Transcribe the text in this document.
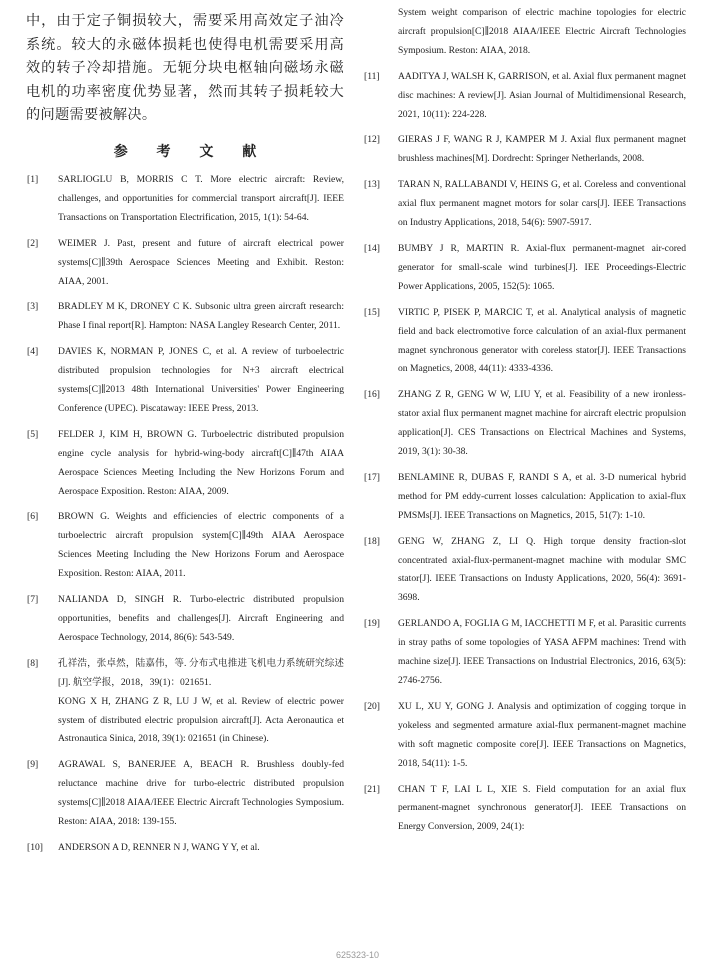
中，由于定子铜损较大，需要采用高效定子油冷系统。较大的永磁体损耗也使得电机需要采用高效的转子冷却措施。无轭分块电枢轴向磁场永磁电机的功率密度优势显著，然而其转子损耗较大的问题需要被解决。

参 考 文 献
[1]	SARLIOGLU B, MORRIS C T. More electric aircraft: Review, challenges, and opportunities for commercial transport aircraft[J]. IEEE Transactions on Transportation Electrification, 2015, 1(1): 54-64.
[2]	WEIMER J. Past, present and future of aircraft electrical power systems[C]∥39th Aerospace Sciences Meeting and Exhibit. Reston: AIAA, 2001.
[3]	BRADLEY M K, DRONEY C K. Subsonic ultra green aircraft research: Phase I final report[R]. Hampton: NASA Langley Research Center, 2011.
[4]	DAVIES K, NORMAN P, JONES C, et al. A review of turboelectric distributed propulsion technologies for N+3 aircraft electrical systems[C]∥2013 48th International Universities' Power Engineering Conference (UPEC). Piscataway: IEEE Press, 2013.
[5]	FELDER J, KIM H, BROWN G. Turboelectric distributed propulsion engine cycle analysis for hybrid-wing-body aircraft[C]∥47th AIAA Aerospace Sciences Meeting Including the New Horizons Forum and Aerospace Exposition. Reston: AIAA, 2009.
[6]	BROWN G. Weights and efficiencies of electric components of a turboelectric aircraft propulsion system[C]∥49th AIAA Aerospace Sciences Meeting Including the New Horizons Forum and Aerospace Exposition. Reston: AIAA, 2011.
[7]	NALIANDA D, SINGH R. Turbo-electric distributed propulsion opportunities, benefits and challenges[J]. Aircraft Engineering and Aerospace Technology, 2014, 86(6): 543-549.
[8]	孔祥浩，张卓然，陆嘉伟，等. 分布式电推进飞机电力系统研究综述[J]. 航空学报，2018，39(1)：021651.
KONG X H, ZHANG Z R, LU J W, et al. Review of electric power system of distributed electric propulsion aircraft[J]. Acta Aeronautica et Astronautica Sinica, 2018, 39(1): 021651 (in Chinese).
[9]	AGRAWAL S, BANERJEE A, BEACH R. Brushless doubly-fed reluctance machine drive for turbo-electric distributed propulsion systems[C]∥2018 AIAA/IEEE Electric Aircraft Technologies Symposium. Reston: AIAA, 2018: 139-155.
[10]	ANDERSON A D, RENNER N J, WANG Y Y, et al.
System weight comparison of electric machine topologies for electric aircraft propulsion[C]∥2018 AIAA/IEEE Electric Aircraft Technologies Symposium. Reston: AIAA, 2018.
[11]	AADITYA J, WALSH K, GARRISON, et al. Axial flux permanent magnet disc machines: A review[J]. Asian Journal of Multidimensional Research, 2021, 10(11): 224-228.
[12]	GIERAS J F, WANG R J, KAMPER M J. Axial flux permanent magnet brushless machines[M]. Dordrecht: Springer Netherlands, 2008.
[13]	TARAN N, RALLABANDI V, HEINS G, et al. Coreless and conventional axial flux permanent magnet motors for solar cars[J]. IEEE Transactions on Industry Applications, 2018, 54(6): 5907-5917.
[14]	BUMBY J R, MARTIN R. Axial-flux permanent-magnet air-cored generator for small-scale wind turbines[J]. IEE Proceedings-Electric Power Applications, 2005, 152(5): 1065.
[15]	VIRTIC P, PISEK P, MARCIC T, et al. Analytical analysis of magnetic field and back electromotive force calculation of an axial-flux permanent magnet synchronous generator with coreless stator[J]. IEEE Transactions on Magnetics, 2008, 44(11): 4333-4336.
[16]	ZHANG Z R, GENG W W, LIU Y, et al. Feasibility of a new ironless-stator axial flux permanent magnet machine for aircraft electric propulsion application[J]. CES Transactions on Electrical Machines and Systems, 2019, 3(1): 30-38.
[17]	BENLAMINE R, DUBAS F, RANDI S A, et al. 3-D numerical hybrid method for PM eddy-current losses calculation: Application to axial-flux PMSMs[J]. IEEE Transactions on Magnetics, 2015, 51(7): 1-10.
[18]	GENG W, ZHANG Z, LI Q. High torque density fraction-slot concentrated axial-flux-permanent-magnet machine with modular SMC stator[J]. IEEE Transactions on Industy Applications, 2020, 56(4): 3691-3698.
[19]	GERLANDO A, FOGLIA G M, IACCHETTI M F, et al. Parasitic currents in stray paths of some topologies of YASA AFPM machines: Trend with machine size[J]. IEEE Transactions on Industrial Electronics, 2016, 63(5): 2746-2756.
[20]	XU L, XU Y, GONG J. Analysis and optimization of cogging torque in yokeless and segmented armature axial-flux permanent-magnet machine with soft magnetic composite core[J]. IEEE Transactions on Magnetics, 2018, 54(11): 1-5.
[21]	CHAN T F, LAI L L, XIE S. Field computation for an axial flux permanent-magnet synchronous generator[J]. IEEE Transactions on Energy Conversion, 2009, 24(1):
625323-10
